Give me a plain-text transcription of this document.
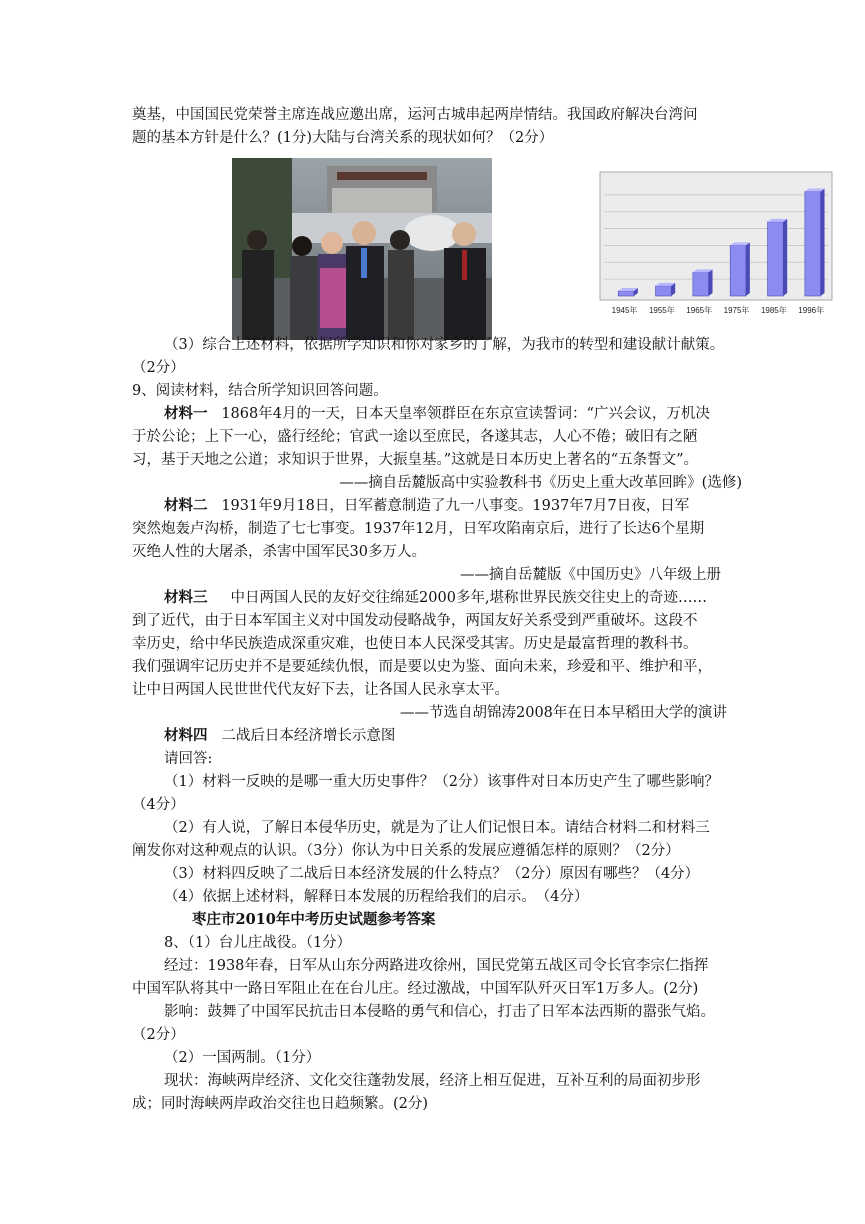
奠基，中国国民党荣誉主席连战应邀出席，运河古城串起两岸情结。我国政府解决台湾问
题的基本方针是什么？(1分)大陆与台湾关系的现状如何？（2分）
1945年 1955年 1965年 1975年 1985年 1996年
（3）综合上述材料，依据所学知识和你对家乡的了解，为我市的转型和建设献计献策。
（2分）
9、阅读材料，结合所学知识回答问题。
材料一 1868年4月的一天，日本天皇率领群臣在东京宣读誓词：“广兴会议，万机决
于於公论；上下一心，盛行经纶；官武一途以至庶民，各遂其志，人心不倦；破旧有之陋
习，基于天地之公道；求知识于世界，大振皇基。”这就是日本历史上著名的“五条誓文”。
——摘自岳麓版高中实验教科书《历史上重大改革回眸》(选修)
材料二 1931年9月18日，日军蓄意制造了九一八事变。1937年7月7日夜，日军
突然炮轰卢沟桥，制造了七七事变。1937年12月，日军攻陷南京后，进行了长达6个星期
灭绝人性的大屠杀，杀害中国军民30多万人。
——摘自岳麓版《中国历史》八年级上册
材料三 中日两国人民的友好交往绵延2000多年,堪称世界民族交往史上的奇迹……
到了近代，由于日本军国主义对中国发动侵略战争，两国友好关系受到严重破坏。这段不
幸历史，给中华民族造成深重灾难，也使日本人民深受其害。历史是最富哲理的教科书。
我们强调牢记历史并不是要延续仇恨，而是要以史为鉴、面向未来，珍爱和平、维护和平，
让中日两国人民世世代代友好下去，让各国人民永享太平。
——节选自胡锦涛2008年在日本早稻田大学的演讲
材料四 二战后日本经济增长示意图
请回答:
（1）材料一反映的是哪一重大历史事件？（2分）该事件对日本历史产生了哪些影响？
（4分）
（2）有人说，了解日本侵华历史，就是为了让人们记恨日本。请结合材料二和材料三
阐发你对这种观点的认识。（3分）你认为中日关系的发展应遵循怎样的原则？（2分）
（3）材料四反映了二战后日本经济发展的什么特点？（2分）原因有哪些？（4分）
（4）依据上述材料，解释日本发展的历程给我们的启示。　（4分）
枣庄市2010年中考历史试题参考答案
8、（1）台儿庄战役。（1分）
经过：1938年春，日军从山东分两路进攻徐州，国民党第五战区司令长官李宗仁指挥
中国军队将其中一路日军阻止在在台儿庄。经过激战，中国军队歼灭日军1万多人。(2分)
影响：鼓舞了中国军民抗击日本侵略的勇气和信心，打击了日军本法西斯的嚣张气焰。
（2分）
（2）一国两制。（1分）
现状：海峡两岸经济、文化交往蓬勃发展，经济上相互促进，互补互利的局面初步形
成；同时海峡两岸政治交往也日趋频繁。(2分)
